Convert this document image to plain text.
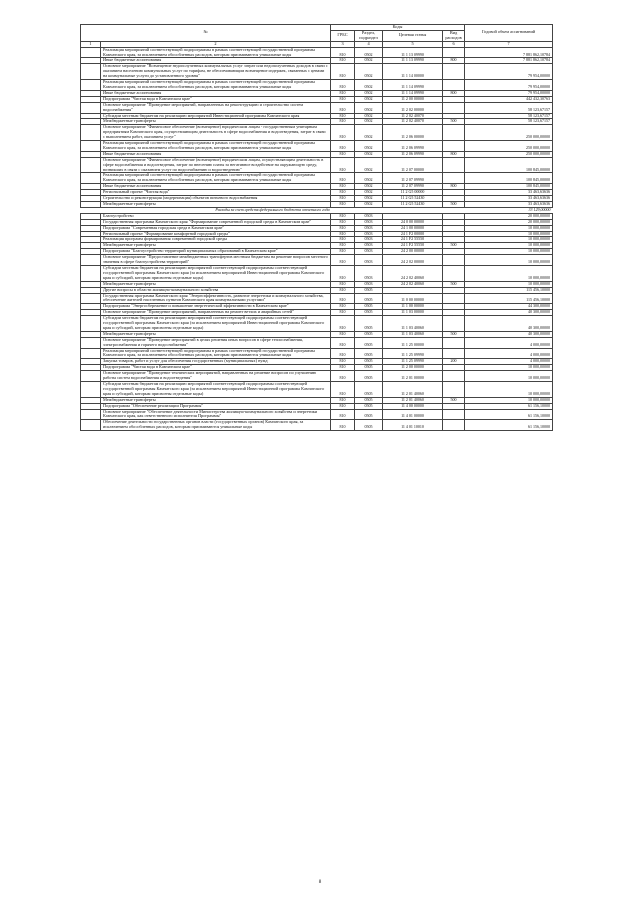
№		Коды				Годовой объем ассигнований
		ГРБС	Раздел, подраздел	Целевая статья	Вид расходов	
1	2	3	4	5	6	7
	Реализация мероприятий соответствующей подпрограммы в рамках соответствующей государственной программы Камчатского края, за исключением обособленных расходов, которым присваиваются уникальные коды	810	0502	11 1 13 09990		7 881 862,10784
	Иные бюджетные ассигнования	810	0502	11 1 13 09990	800	7 881 862,10784
	Основное мероприятие "Возмещение недополученных коммунальных услуг затрат или недополученных доходов в связи с оказанием населению коммунальных услуг по тарифам, не обеспечивающим возмещение издержек, связанных с ценами на коммунальные услуги до установленного уровня"	810	0502	11 1 14 00000		79 954,00000
	Реализация мероприятий соответствующей подпрограммы в рамках соответствующей государственной программы Камчатского края, за исключением обособленных расходов, которым присваиваются уникальные коды	810	0502	11 1 14 09990		79 954,00000
	Иные бюджетные ассигнования	810	0502	11 1 14 09990	800	79 954,00000
	Подпрограмма "Чистая вода в Камчатском крае"	810	0502	11 2 00 00000		442 432,30763
	Основное мероприятие "Проведение мероприятий, направленных на реконструкцию и строительство систем водоснабжения"	810	0502	11 2 02 00000		58 123,67157
	Субсидии местным бюджетам на реализацию мероприятий Инвестиционной программы Камчатского края	810	0502	11 2 02 40070		58 123,67157
	Межбюджетные трансферты	810	0502	11 2 02 40070	500	58 123,67157
	Основное мероприятие "Финансовое обеспечение (возмещение) юридическим лицам - государственным унитарным предприятиям Камчатского края, осуществляющим деятельность в сфере водоснабжения и водоотведения, затрат в связи с выполнением работ, оказанием услуг"	810	0502	11 2 06 00000		250 000,00000
	Реализация мероприятий соответствующей подпрограммы в рамках соответствующей государственной программы Камчатского края, за исключением обособленных расходов, которым присваиваются уникальные коды	810	0502	11 2 06 09990		250 000,00000
	Иные бюджетные ассигнования	810	0502	11 2 06 09990	800	250 000,00000
	Основное мероприятие "Финансовое обеспечение (возмещение) юридическим лицам, осуществляющим деятельность в сфере водоснабжения и водоотведения, затрат по внесению платы за негативное воздействие на окружающую среду, возникших в связи с оказанием услуг по водоснабжению и водоотведению"	810	0502	11 2 07 00000		100 845,00000
	Реализация мероприятий соответствующей подпрограммы в рамках соответствующей государственной программы Камчатского края, за исключением обособленных расходов, которым присваиваются уникальные коды	810	0502	11 2 07 09990		100 845,00000
	Иные бюджетные ассигнования	810	0502	11 2 07 09990	800	100 845,00000
	Региональный проект "Чистая вода"	810	0502	11 2 G5 00000		33 463,63636
	Строительство и реконструкция (модернизация) объектов питьевого водоснабжения	810	0502	11 2 G5 52430		33 463,63636
	Межбюджетные трансферты	810	0502	11 2 G5 52430	500	33 463,63636
Расходы за счет средств федерального бюджета отчетного года						33 129,00000
	Благоустройство	810	0503			20 000,00000
	Государственная программа Камчатского края "Формирование современной городской среды в Камчатском крае"	810	0503	24 0 00 00000		20 000,00000
	Подпрограмма "Современная городская среда в Камчатском крае"	810	0503	24 1 00 00000		10 000,00000
	Региональный проект "Формирование комфортной городской среды"	810	0503	24 1 F2 00000		10 000,00000
	Реализация программ формирования современной городской среды	810	0503	24 1 F2 55550		10 000,00000
	Межбюджетные трансферты	810	0503	24 1 F2 55550	500	10 000,00000
	Подпрограмма "Благоустройство территорий муниципальных образований в Камчатском крае"	810	0503	24 2 00 00000		10 000,00000
	Основное мероприятие "Предоставление межбюджетных трансфертов местным бюджетам на решение вопросов местного значения в сфере благоустройства территорий"	810	0503	24 2 02 00000		10 000,00000
	Субсидии местным бюджетам на реализацию мероприятий соответствующей подпрограммы соответствующей государственной программы Камчатского края (за исключением мероприятий Инвестиционной программы Камчатского края и субсидий, которым присвоены отдельные коды)	810	0503	24 2 02 40060		10 000,00000
	Межбюджетные трансферты	810	0503	24 2 02 40060	500	10 000,00000
	Другие вопросы в области жилищно-коммунального хозяйства	810	0505			115 456,10000
	Государственная программа Камчатского края "Энергоэффективность, развитие энергетики и коммунального хозяйства, обеспечение жителей населенных пунктов Камчатского края коммунальными услугами"	810	0505	11 0 00 00000		115 456,10000
	Подпрограмма "Энергосбережение и повышение энергетической эффективности в Камчатском крае"	810	0505	11 1 00 00000		44 300,00000
	Основное мероприятие "Проведение мероприятий, направленных на ремонт ветхих и аварийных сетей"	810	0505	11 1 03 00000		40 300,00000
	Субсидии местным бюджетам на реализацию мероприятий соответствующей подпрограммы соответствующей государственной программы Камчатского края (за исключением мероприятий Инвестиционной программы Камчатского края и субсидий, которым присвоены отдельные коды)	810	0505	11 1 03 40060		40 300,00000
	Межбюджетные трансферты	810	0505	11 1 03 40060	500	40 300,00000
	Основное мероприятие "Проведение мероприятий в целях решения иных вопросов в сфере теплоснабжения, электроснабжения и горячего водоснабжения"	810	0505	11 1 25 00000		4 000,00000
	Реализация мероприятий соответствующей подпрограммы в рамках соответствующей государственной программы Камчатского края, за исключением обособленных расходов, которым присваиваются уникальные коды	810	0505	11 1 25 09990		4 000,00000
	Закупка товаров, работ и услуг для обеспечения государственных (муниципальных) нужд	810	0505	11 1 25 09990	200	4 000,00000
	Подпрограмма "Чистая вода в Камчатском крае"	810	0505	11 2 00 00000		10 000,00000
	Основное мероприятие "Проведение технических мероприятий, направленных на решение вопросов по улучшению работы систем водоснабжения и водоотведения"	810	0505	11 2 01 00000		10 000,00000
	Субсидии местным бюджетам на реализацию мероприятий соответствующей подпрограммы соответствующей государственной программы Камчатского края (за исключением мероприятий Инвестиционной программы Камчатского края и субсидий, которым присвоены отдельные коды)	810	0505	11 2 01 40060		10 000,00000
	Межбюджетные трансферты	810	0505	11 2 01 40060	500	10 000,00000
	Подпрограмма "Обеспечение реализации Программы"	810	0505	11 4 00 00000		61 156,10000
	Основное мероприятие "Обеспечение деятельности Министерства жилищно-коммунального хозяйства и энергетики Камчатского края, как ответственного исполнителя Программы"	810	0505	11 4 01 00000		61 156,10000
	Обеспечение деятельности государственных органов власти (государственных органов) Камчатского края, за исключением обособленных расходов, которым присваиваются уникальные коды	810	0505	11 4 01 10010		61 156,10000
8
